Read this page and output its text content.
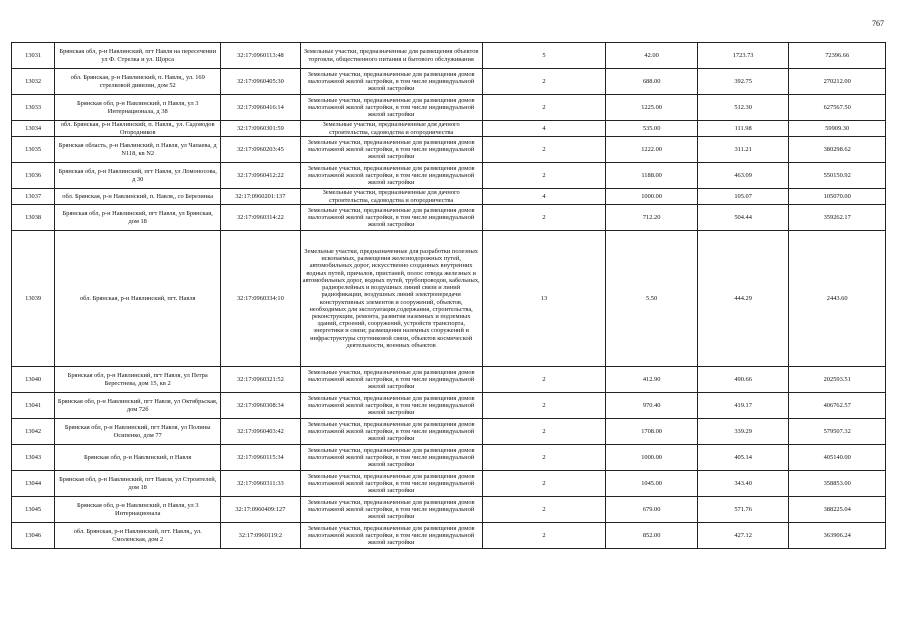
767
13031	Брянская обл, р-н Навлинский, пгт Навля на пересечении ул Ф. Стрелка и ул. Щорса	32:17:0960113:48	Земельные участки, предназначенные для размещения объектов торговли, общественного питания и бытового обслуживания	5	42.00	1723.73	72396.66
13032	обл. Брянская, р-н Навлинский, п. Навля,, ул. 169 стрелковой дивизии, дом 52	32:17:0960405:30	Земельные участки, предназначенные для размещения домов малоэтажной жилой застройки, в том числе индивидуальной жилой застройки	2	688.00	392.75	270212.00
13033	Брянская обл, р-н Навлинский, п Навля, ул 3 Интернационала, д 38	32:17:0960416:14	Земельные участки, предназначенные для размещения домов малоэтажной жилой застройки, в том числе индивидуальной жилой застройки	2	1225.00	512.30	627567.50
13034	обл. Брянская, р-н Навлинский, п. Навля,, ул. Садоводов Огородников	32:17:0960301:59	Земельные участки, предназначенные для дачного строительства, садоводства и огородничества	4	535.00	111.98	59909.30
13035	Брянская область, р-н Навлинский, п Навля, ул Чапаева, д N118, кв N2	32:17:0960203:45	Земельные участки, предназначенные для размещения домов малоэтажной жилой застройки, в том числе индивидуальной жилой застройки	2	1222.00	311.21	380298.62
13036	Брянская обл, р-н Навлинский, пгт Навля, ул Ломоносова, д 30	32:17:0960412:22	Земельные участки, предназначенные для размещения домов малоэтажной жилой застройки, в том числе индивидуальной жилой застройки	2	1188.00	463.09	550150.92
13037	обл. Брянская, р-н Навлинский, п. Навля,, со Березинка	32:17:0960201:137	Земельные участки, предназначенные для дачного строительства, садоводства и огородничества	4	1000.00	105.07	105070.00
13038	Брянская обл, р-н Навлинский, пгт Навля, ул Брянская, дом 18	32:17:0960314:22	Земельные участки, предназначенные для размещения домов малоэтажной жилой застройки, в том числе индивидуальной жилой застройки	2	712.20	504.44	359262.17
13039	обл. Брянская, р-н Навлинский, пгт. Навля	32:17:0960334:10	Земельные участки, предназначенные для разработки полезных ископаемых, размещения железнодорожных путей, автомобильных дорог, искусственно созданных внутренних водных путей, причалов, пристаней, полос отвода железных и автомобильных дорог, водных путей, трубопроводов, кабельных, радиорелейных и воздушных линий связи и линий радиофикации, воздушных линий электропередачи конструктивных элементов и сооружений, объектов, необходимых для эксплуатации,содержания, строительства, реконструкции, ремонта, развития наземных и подземных зданий, строений, сооружений, устройств транспорта, энергетики и связи; размещения наземных сооружений и инфраструктуры спутниковой связи, объектов космической деятельности, военных объектов	13	5.50	444.29	2443.60
13040	Брянская обл, р-н Навлинский, пгт Навля, ул Петра Берестнева, дом 15, кв 2	32:17:0960321:52	Земельные участки, предназначенные для размещения домов малоэтажной жилой застройки, в том числе индивидуальной жилой застройки	2	412.90	490.66	202593.51
13041	Брянская обл, р-н Навлинский, пгт Навля, ул Октябрьская, дом 72б	32:17:0960308:34	Земельные участки, предназначенные для размещения домов малоэтажной жилой застройки, в том числе индивидуальной жилой застройки	2	970.40	419.17	406762.57
13042	Брянская обл, р-н Навлинский, пгт Навля, ул Полины Осипенко, дом 77	32:17:0960403:42	Земельные участки, предназначенные для размещения домов малоэтажной жилой застройки, в том числе индивидуальной жилой застройки	2	1708.00	339.29	579507.32
13043	Брянская обл, р-н Навлинский, п Навля	32:17:0960115:34	Земельные участки, предназначенные для размещения домов малоэтажной жилой застройки, в том числе индивидуальной жилой застройки	2	1000.00	405.14	405140.00
13044	Брянская обл, р-н Навлинский, пгт Навля, ул Строителей, дом 18	32:17:0960311:33	Земельные участки, предназначенные для размещения домов малоэтажной жилой застройки, в том числе индивидуальной жилой застройки	2	1045.00	343.40	358853.00
13045	Брянская обл, р-н Навлинский, п Навля, ул 3 Интернационала	32:17:0960409:127	Земельные участки, предназначенные для размещения домов малоэтажной жилой застройки, в том числе индивидуальной жилой застройки	2	679.00	571.76	388225.04
13046	обл. Брянская, р-н Навлинский, пгт. Навля,, ул. Смоленская, дом 2	32:17:0960119:2	Земельные участки, предназначенные для размещения домов малоэтажной жилой застройки, в том числе индивидуальной жилой застройки	2	852.00	427.12	363906.24
